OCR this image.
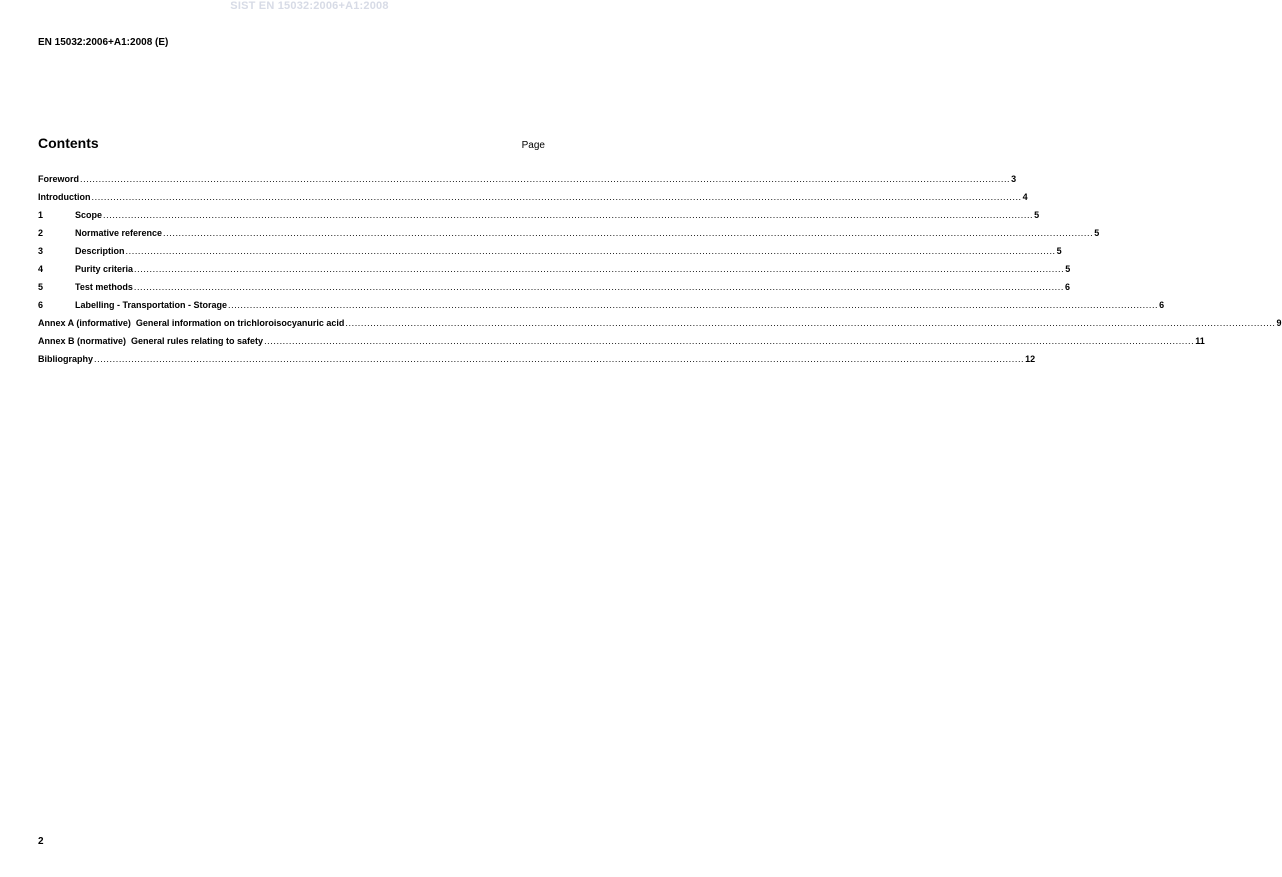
SIST EN 15032:2006+A1:2008
EN 15032:2006+A1:2008 (E)
Contents	Page
Foreword ............................................................................................................................................................................................................................................................................................................ 3
Introduction ............................................................................................................................................................................................................................................................................................................ 4
1	Scope ............................................................................................................................................................................................................................................................................................................ 5
2	Normative reference ............................................................................................................................................................................................................................................................................................................ 5
3	Description ............................................................................................................................................................................................................................................................................................................ 5
4	Purity criteria ............................................................................................................................................................................................................................................................................................................ 5
5	Test methods ............................................................................................................................................................................................................................................................................................................ 6
6	Labelling - Transportation - Storage ............................................................................................................................................................................................................................................................................................................ 6
Annex A (informative)  General information on trichloroisocyanuric acid ............................................................................................................................................................................................................................................................................................................ 9
Annex B (normative)  General rules relating to safety ............................................................................................................................................................................................................................................................................................................ 11
Bibliography ............................................................................................................................................................................................................................................................................................................ 12
2
